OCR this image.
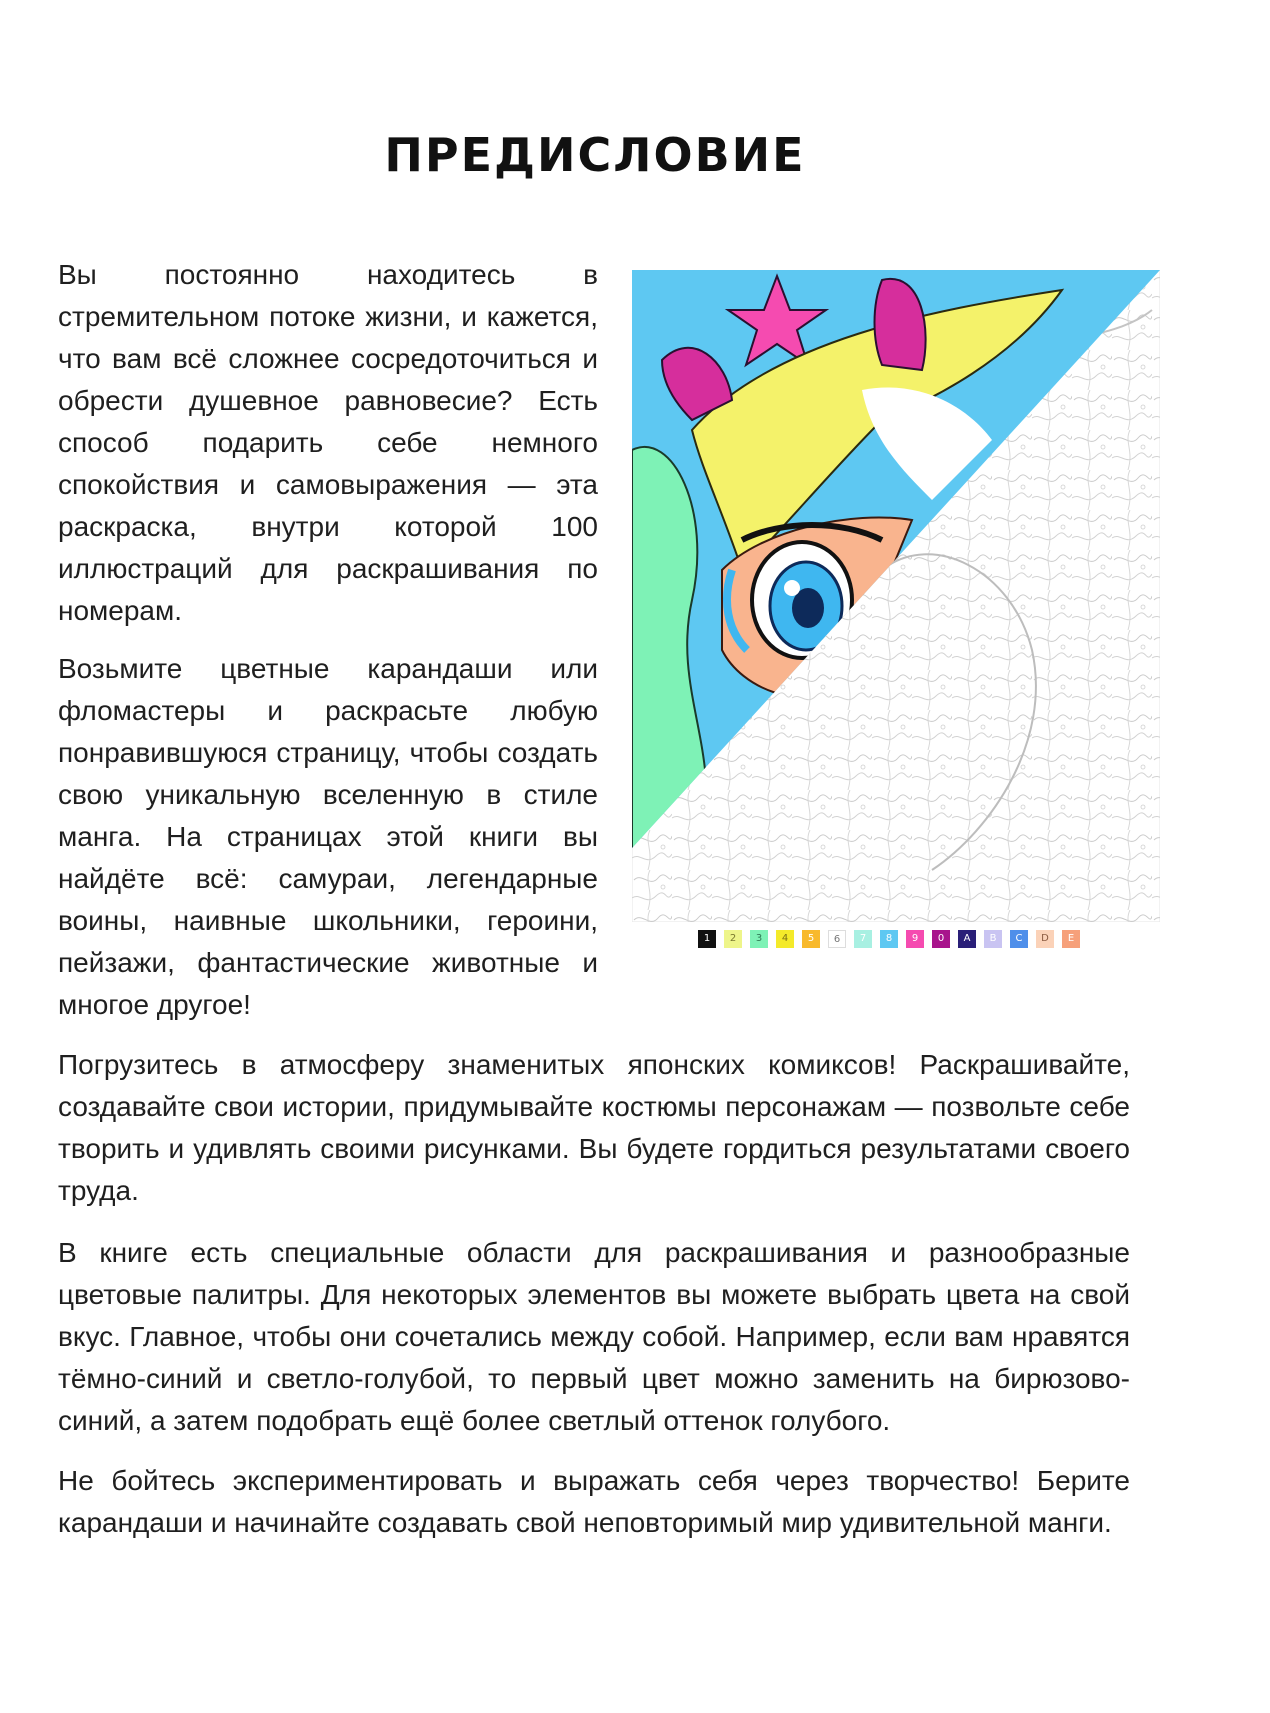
ПРЕДИСЛОВИЕ

Вы постоянно находитесь в стремительном потоке жизни, и кажется, что вам всё сложнее сосредоточиться и обрести душевное равновесие? Есть способ подарить себе немного спокойствия и самовыражения — эта раскраска, внутри которой 100 иллюстраций для раскрашивания по номерам.

Возьмите цветные карандаши или фломастеры и раскрасьте любую понравившуюся страницу, чтобы создать свою уникальную вселенную в стиле манга. На страницах этой книги вы найдёте всё: самураи, легендарные воины, наивные школьники, героини, пейзажи, фантастические животные и многое другое!

Погрузитесь в атмосферу знаменитых японских комиксов! Раскрашивайте, создавайте свои истории, придумывайте костюмы персонажам — позвольте себе творить и удивлять своими рисунками. Вы будете гордиться результатами своего труда.

В книге есть специальные области для раскрашивания и разнообразные цветовые палитры. Для некоторых элементов вы можете выбрать цвета на свой вкус. Главное, чтобы они сочетались между собой. Например, если вам нравятся тёмно-синий и светло-голубой, то первый цвет можно заменить на бирюзово-синий, а затем подобрать ещё более светлый оттенок голубого.

Не бойтесь экспериментировать и выражать себя через творчество! Берите карандаши и начинайте создавать свой неповторимый мир удивительной манги.

1	2	3	4	5	6	7	8	9	0	A	B	C	D	E
